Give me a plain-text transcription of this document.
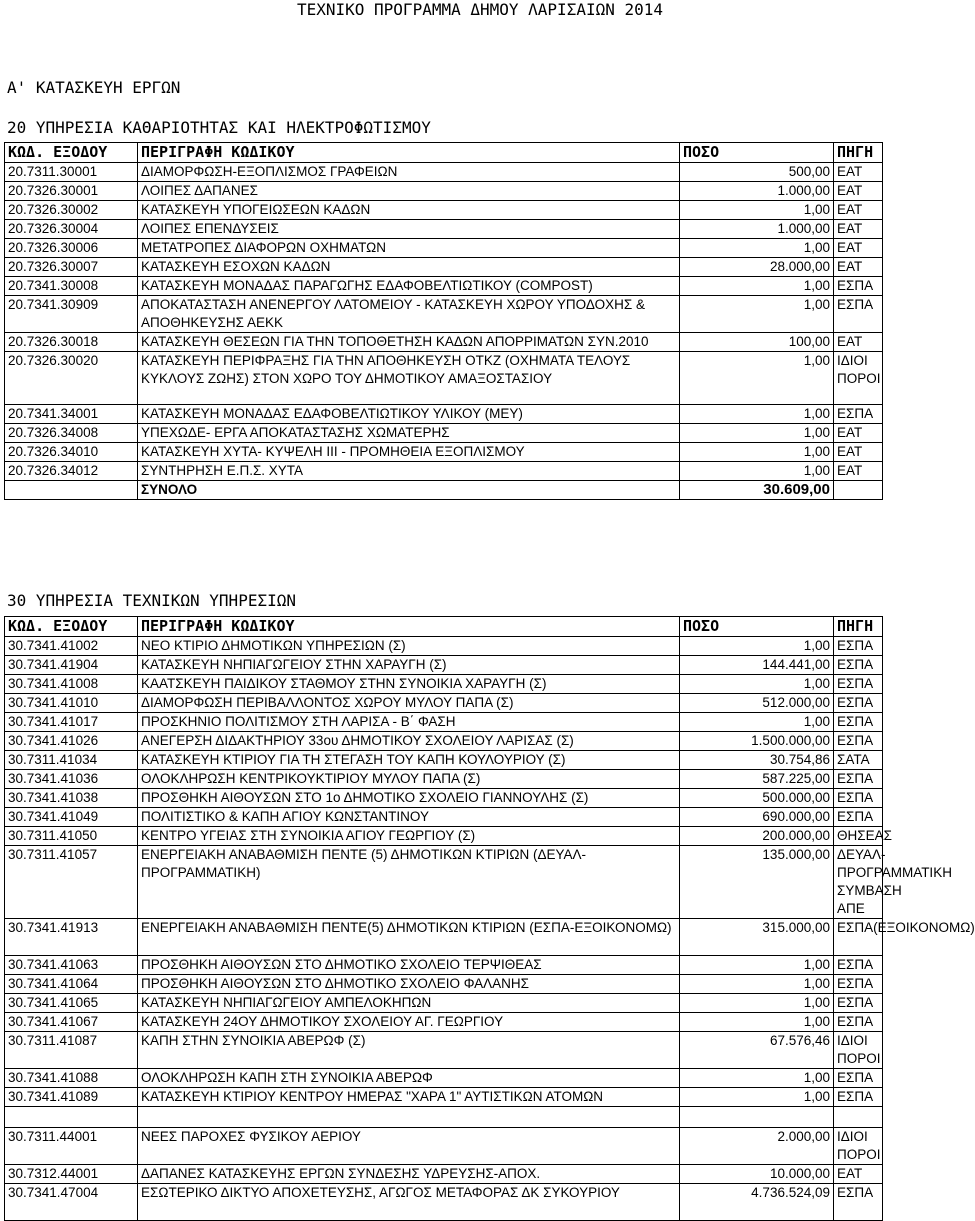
ΤΕΧΝΙΚΟ ΠΡΟΓΡΑΜΜΑ ΔΗΜΟΥ ΛΑΡΙΣΑΙΩΝ 2014
Α' ΚΑΤΑΣΚΕΥΗ ΕΡΓΩΝ
20 ΥΠΗΡΕΣΙΑ ΚΑΘΑΡΙΟΤΗΤΑΣ ΚΑΙ ΗΛΕΚΤΡΟΦΩΤΙΣΜΟΥ
ΚΩΔ. ΕΞΟΔΟΥ	ΠΕΡΙΓΡΑΦΗ ΚΩΔΙΚΟΥ	ΠΟΣΟ	ΠΗΓΗ
20.7311.30001	ΔΙΑΜΟΡΦΩΣΗ-ΕΞΟΠΛΙΣΜΟΣ ΓΡΑΦΕΙΩΝ	500,00	ΕΑΤ
20.7326.30001	ΛΟΙΠΕΣ ΔΑΠΑΝΕΣ	1.000,00	ΕΑΤ
20.7326.30002	ΚΑΤΑΣΚΕΥΗ ΥΠΟΓΕΙΩΣΕΩΝ ΚΑΔΩΝ	1,00	ΕΑΤ
20.7326.30004	ΛΟΙΠΕΣ ΕΠΕΝΔΥΣΕΙΣ	1.000,00	ΕΑΤ
20.7326.30006	ΜΕΤΑΤΡΟΠΕΣ ΔΙΑΦΟΡΩΝ ΟΧΗΜΑΤΩΝ	1,00	ΕΑΤ
20.7326.30007	ΚΑΤΑΣΚΕΥΗ ΕΣΟΧΩΝ ΚΑΔΩΝ	28.000,00	ΕΑΤ
20.7341.30008	ΚΑΤΑΣΚΕΥΗ ΜΟΝΑΔΑΣ ΠΑΡΑΓΩΓΗΣ ΕΔΑΦΟΒΕΛΤΙΩΤΙΚΟΥ (COMPOST)	1,00	ΕΣΠΑ
20.7341.30909	ΑΠΟΚΑΤΑΣΤΑΣΗ ΑΝΕΝΕΡΓΟΥ ΛΑΤΟΜΕΙΟΥ - ΚΑΤΑΣΚΕΥΗ ΧΩΡΟΥ ΥΠΟΔΟΧΗΣ & ΑΠΟΘΗΚΕΥΣΗΣ ΑΕΚΚ	1,00	ΕΣΠΑ
20.7326.30018	ΚΑΤΑΣΚΕΥΗ ΘΕΣΕΩΝ ΓΙΑ ΤΗΝ ΤΟΠΟΘΕΤΗΣΗ ΚΑΔΩΝ ΑΠΟΡΡΙΜΑΤΩΝ ΣΥΝ.2010	100,00	ΕΑΤ
20.7326.30020	ΚΑΤΑΣΚΕΥΗ ΠΕΡΙΦΡΑΞΗΣ ΓΙΑ ΤΗΝ ΑΠΟΘΗΚΕΥΣΗ ΟΤΚΖ (ΟΧΗΜΑΤΑ ΤΕΛΟΥΣ ΚΥΚΛΟΥΣ ΖΩΗΣ) ΣΤΟΝ ΧΩΡΟ ΤΟΥ ΔΗΜΟΤΙΚΟΥ ΑΜΑΞΟΣΤΑΣΙΟΥ	1,00	ΙΔΙΟΙ ΠΟΡΟΙ
20.7341.34001	ΚΑΤΑΣΚΕΥΗ ΜΟΝΑΔΑΣ ΕΔΑΦΟΒΕΛΤΙΩΤΙΚΟΥ ΥΛΙΚΟΥ (ΜΕΥ)	1,00	ΕΣΠΑ
20.7326.34008	ΥΠΕΧΩΔΕ- ΕΡΓΑ ΑΠΟΚΑΤΑΣΤΑΣΗΣ ΧΩΜΑΤΕΡΗΣ	1,00	ΕΑΤ
20.7326.34010	ΚΑΤΑΣΚΕΥΗ ΧΥΤΑ- ΚΥΨΕΛΗ ΙΙΙ - ΠΡΟΜΗΘΕΙΑ ΕΞΟΠΛΙΣΜΟΥ	1,00	ΕΑΤ
20.7326.34012	ΣΥΝΤΗΡΗΣΗ Ε.Π.Σ. ΧΥΤΑ	1,00	ΕΑΤ
	ΣΥΝΟΛΟ	30.609,00	
30 ΥΠΗΡΕΣΙΑ ΤΕΧΝΙΚΩΝ ΥΠΗΡΕΣΙΩΝ
ΚΩΔ. ΕΞΟΔΟΥ	ΠΕΡΙΓΡΑΦΗ ΚΩΔΙΚΟΥ	ΠΟΣΟ	ΠΗΓΗ
30.7341.41002	ΝΕΟ ΚΤΙΡΙΟ ΔΗΜΟΤΙΚΩΝ ΥΠΗΡΕΣΙΩΝ (Σ)	1,00	ΕΣΠΑ
30.7341.41904	ΚΑΤΑΣΚΕΥΗ ΝΗΠΙΑΓΩΓΕΙΟΥ ΣΤΗΝ ΧΑΡΑΥΓΗ (Σ)	144.441,00	ΕΣΠΑ
30.7341.41008	ΚΑΑΤΣΚΕΥΗ ΠΑΙΔΙΚΟΥ ΣΤΑΘΜΟΥ ΣΤΗΝ ΣΥΝΟΙΚΙΑ ΧΑΡΑΥΓΗ (Σ)	1,00	ΕΣΠΑ
30.7341.41010	ΔΙΑΜΟΡΦΩΣΗ ΠΕΡΙΒΑΛΛΟΝΤΟΣ ΧΩΡΟΥ ΜΥΛΟΥ ΠΑΠΑ (Σ)	512.000,00	ΕΣΠΑ
30.7341.41017	ΠΡΟΣΚΗΝΙΟ ΠΟΛΙΤΙΣΜΟΥ ΣΤΗ ΛΑΡΙΣΑ - Β΄ ΦΑΣΗ	1,00	ΕΣΠΑ
30.7341.41026	ΑΝΕΓΕΡΣΗ ΔΙΔΑΚΤΗΡΙΟΥ 33ου ΔΗΜΟΤΙΚΟΥ ΣΧΟΛΕΙΟΥ ΛΑΡΙΣΑΣ (Σ)	1.500.000,00	ΕΣΠΑ
30.7311.41034	ΚΑΤΑΣΚΕΥΗ ΚΤΙΡΙΟΥ ΓΙΑ ΤΗ ΣΤΕΓΑΣΗ ΤΟΥ ΚΑΠΗ ΚΟΥΛΟΥΡΙΟΥ (Σ)	30.754,86	ΣΑΤΑ
30.7341.41036	ΟΛΟΚΛΗΡΩΣΗ ΚΕΝΤΡΙΚΟΥΚΤΙΡΙΟΥ ΜΥΛΟΥ ΠΑΠΑ (Σ)	587.225,00	ΕΣΠΑ
30.7341.41038	ΠΡΟΣΘΗΚΗ ΑΙΘΟΥΣΩΝ ΣΤΟ 1ο ΔΗΜΟΤΙΚΟ ΣΧΟΛΕΙΟ ΓΙΑΝΝΟΥΛΗΣ (Σ)	500.000,00	ΕΣΠΑ
30.7341.41049	ΠΟΛΙΤΙΣΤΙΚΟ & ΚΑΠΗ ΑΓΙΟΥ ΚΩΝΣΤΑΝΤΙΝΟΥ	690.000,00	ΕΣΠΑ
30.7311.41050	ΚΕΝΤΡΟ ΥΓΕΙΑΣ ΣΤΗ ΣΥΝΟΙΚΙΑ ΑΓΙΟΥ ΓΕΩΡΓΙΟΥ (Σ)	200.000,00	ΘΗΣΕΑΣ
30.7311.41057	ΕΝΕΡΓΕΙΑΚΗ ΑΝΑΒΑΘΜΙΣΗ ΠΕΝΤΕ (5) ΔΗΜΟΤΙΚΩΝ ΚΤΙΡΙΩΝ (ΔΕΥΑΛ-ΠΡΟΓΡΑΜΜΑΤΙΚΗ)	135.000,00	ΔΕΥΑΛ-ΠΡΟΓΡΑΜΜΑΤΙΚΗ ΣΥΜΒΑΣΗ ΑΠΕ
30.7341.41913	ΕΝΕΡΓΕΙΑΚΗ ΑΝΑΒΑΘΜΙΣΗ ΠΕΝΤΕ(5) ΔΗΜΟΤΙΚΩΝ ΚΤΙΡΙΩΝ (ΕΣΠΑ-ΕΞΟΙΚΟΝΟΜΩ)	315.000,00	ΕΣΠΑ(ΕΞΟΙΚΟΝΟΜΩ)
30.7341.41063	ΠΡΟΣΘΗΚΗ ΑΙΘΟΥΣΩΝ ΣΤΟ ΔΗΜΟΤΙΚΟ ΣΧΟΛΕΙΟ ΤΕΡΨΙΘΕΑΣ	1,00	ΕΣΠΑ
30.7341.41064	ΠΡΟΣΘΗΚΗ ΑΙΘΟΥΣΩΝ ΣΤΟ ΔΗΜΟΤΙΚΟ ΣΧΟΛΕΙΟ ΦΑΛΑΝΗΣ	1,00	ΕΣΠΑ
30.7341.41065	ΚΑΤΑΣΚΕΥΗ ΝΗΠΙΑΓΩΓΕΙΟΥ ΑΜΠΕΛΟΚΗΠΩΝ	1,00	ΕΣΠΑ
30.7341.41067	ΚΑΤΑΣΚΕΥΗ 24ΟΥ ΔΗΜΟΤΙΚΟΥ ΣΧΟΛΕΙΟΥ ΑΓ. ΓΕΩΡΓΙΟΥ	1,00	ΕΣΠΑ
30.7311.41087	ΚΑΠΗ ΣΤΗΝ ΣΥΝΟΙΚΙΑ ΑΒΕΡΩΦ (Σ)	67.576,46	ΙΔΙΟΙ ΠΟΡΟΙ
30.7341.41088	ΟΛΟΚΛΗΡΩΣΗ ΚΑΠΗ ΣΤΗ ΣΥΝΟΙΚΙΑ ΑΒΕΡΩΦ	1,00	ΕΣΠΑ
30.7341.41089	ΚΑΤΑΣΚΕΥΗ ΚΤΙΡΙΟΥ ΚΕΝΤΡΟΥ ΗΜΕΡΑΣ "ΧΑΡΑ 1" ΑΥΤΙΣΤΙΚΩΝ ΑΤΟΜΩΝ	1,00	ΕΣΠΑ

30.7311.44001	ΝΕΕΣ ΠΑΡΟΧΕΣ ΦΥΣΙΚΟΥ ΑΕΡΙΟΥ	2.000,00	ΙΔΙΟΙ ΠΟΡΟΙ
30.7312.44001	ΔΑΠΑΝΕΣ ΚΑΤΑΣΚΕΥΗΣ ΕΡΓΩΝ ΣΥΝΔΕΣΗΣ ΥΔΡΕΥΣΗΣ-ΑΠΟΧ.	10.000,00	ΕΑΤ
30.7341.47004	ΕΣΩΤΕΡΙΚΟ ΔΙΚΤΥΟ ΑΠΟΧΕΤΕΥΣΗΣ, ΑΓΩΓΟΣ ΜΕΤΑΦΟΡΑΣ ΔΚ ΣΥΚΟΥΡΙΟΥ	4.736.524,09	ΕΣΠΑ
